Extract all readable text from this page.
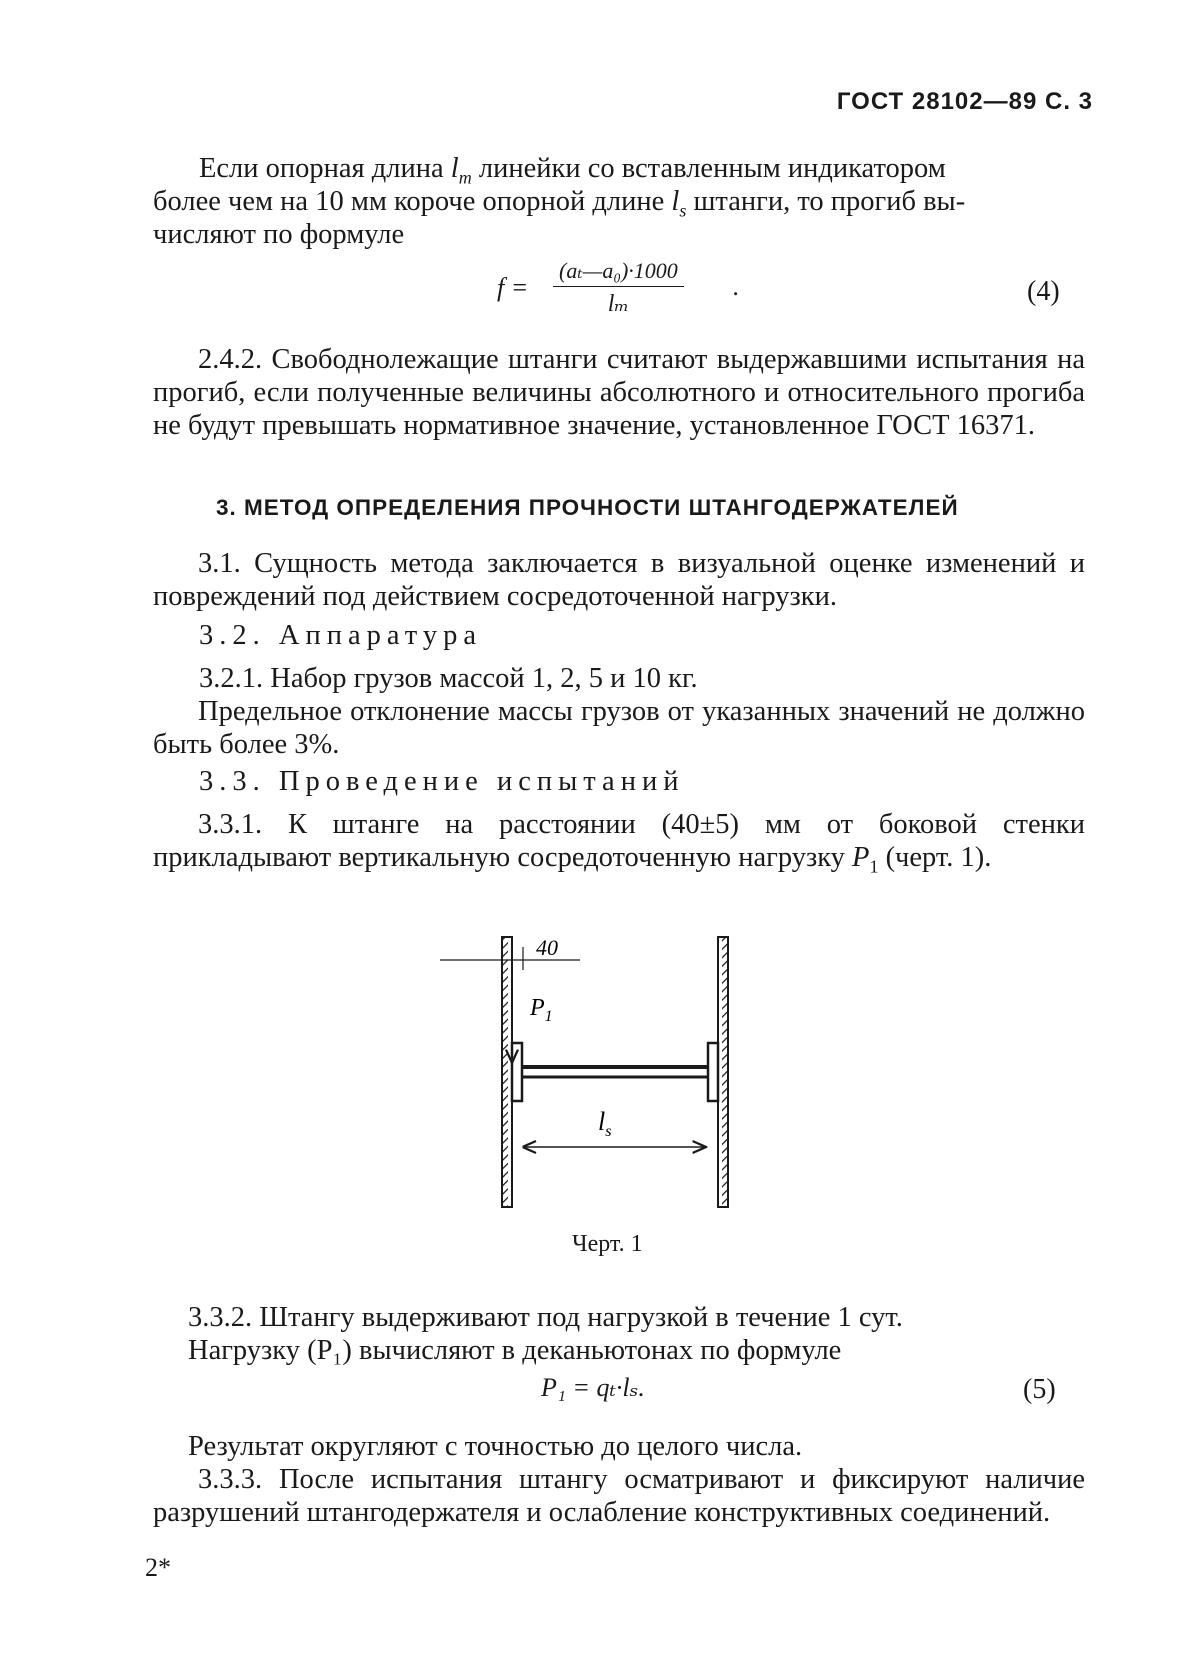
ГОСТ 28102—89 С. 3
Если опорная длина $l_m$ линейки со вставленным индикатором
более чем на 10 мм короче опорной длине $l_s$ штанги, то прогиб вы-
числяют по формуле
$f = \frac{\text{(aₜ—a₀)·1000}}{\text{lₘ}}$ .	(4)
2.4.2. Свободнолежащие штанги считают выдержавшими испытания на прогиб, если полученные величины абсолютного и относительного прогиба не будут превышать нормативное значение, установленное ГОСТ 16371.
3. МЕТОД ОПРЕДЕЛЕНИЯ ПРОЧНОСТИ ШТАНГОДЕРЖАТЕЛЕЙ
3.1. Сущность метода заключается в визуальной оценке изменений и повреждений под действием сосредоточенной нагрузки.
3.2. Аппаратура
3.2.1. Набор грузов массой 1, 2, 5 и 10 кг.
Предельное отклонение массы грузов от указанных значений не должно быть более 3%.
3.3. Проведение испытаний
3.3.1. К штанге на расстоянии (40±5) мм от боковой стенки прикладывают вертикальную сосредоточенную нагрузку $P_1$ (черт. 1).
40
$P_1$
$l_s$
Черт. 1
3.3.2. Штангу выдерживают под нагрузкой в течение 1 сут.
Нагрузку (P₁) вычисляют в деканьютонах по формуле
P₁ = qₜ·lₛ.	(5)
Результат округляют с точностью до целого числа.
3.3.3. После испытания штангу осматривают и фиксируют наличие разрушений штангодержателя и ослабление конструктивных соединений.
2*
